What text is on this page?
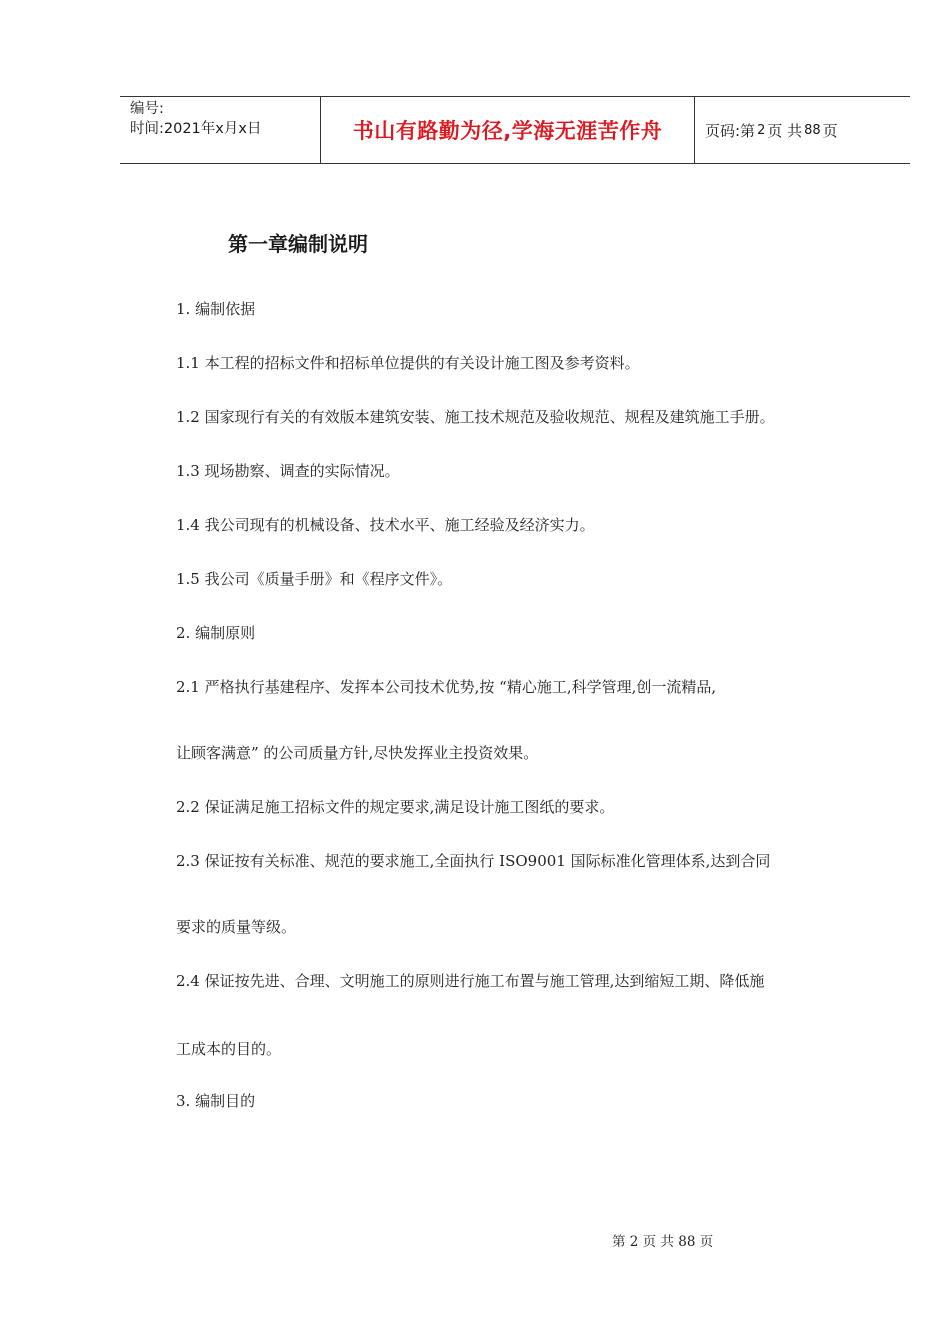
编号:
时间:2021年x月x日	书山有路勤为径,学海无涯苦作舟	页码:第 2 页 共 88 页
第一章编制说明

1. 编制依据

1.1 本工程的招标文件和招标单位提供的有关设计施工图及参考资料。

1.2 国家现行有关的有效版本建筑安装、施工技术规范及验收规范、规程及建筑施工手册。

1.3 现场勘察、调查的实际情况。

1.4 我公司现有的机械设备、技术水平、施工经验及经济实力。

1.5 我公司《质量手册》和《程序文件》。

2. 编制原则

2.1 严格执行基建程序、发挥本公司技术优势,按 “精心施工,科学管理,创一流精品,

让顾客满意” 的公司质量方针,尽快发挥业主投资效果。

2.2 保证满足施工招标文件的规定要求,满足设计施工图纸的要求。

2.3 保证按有关标准、规范的要求施工,全面执行 ISO9001 国际标准化管理体系,达到合同

要求的质量等级。

2.4 保证按先进、合理、文明施工的原则进行施工布置与施工管理,达到缩短工期、降低施

工成本的目的。

3. 编制目的

第 2 页 共 88 页
